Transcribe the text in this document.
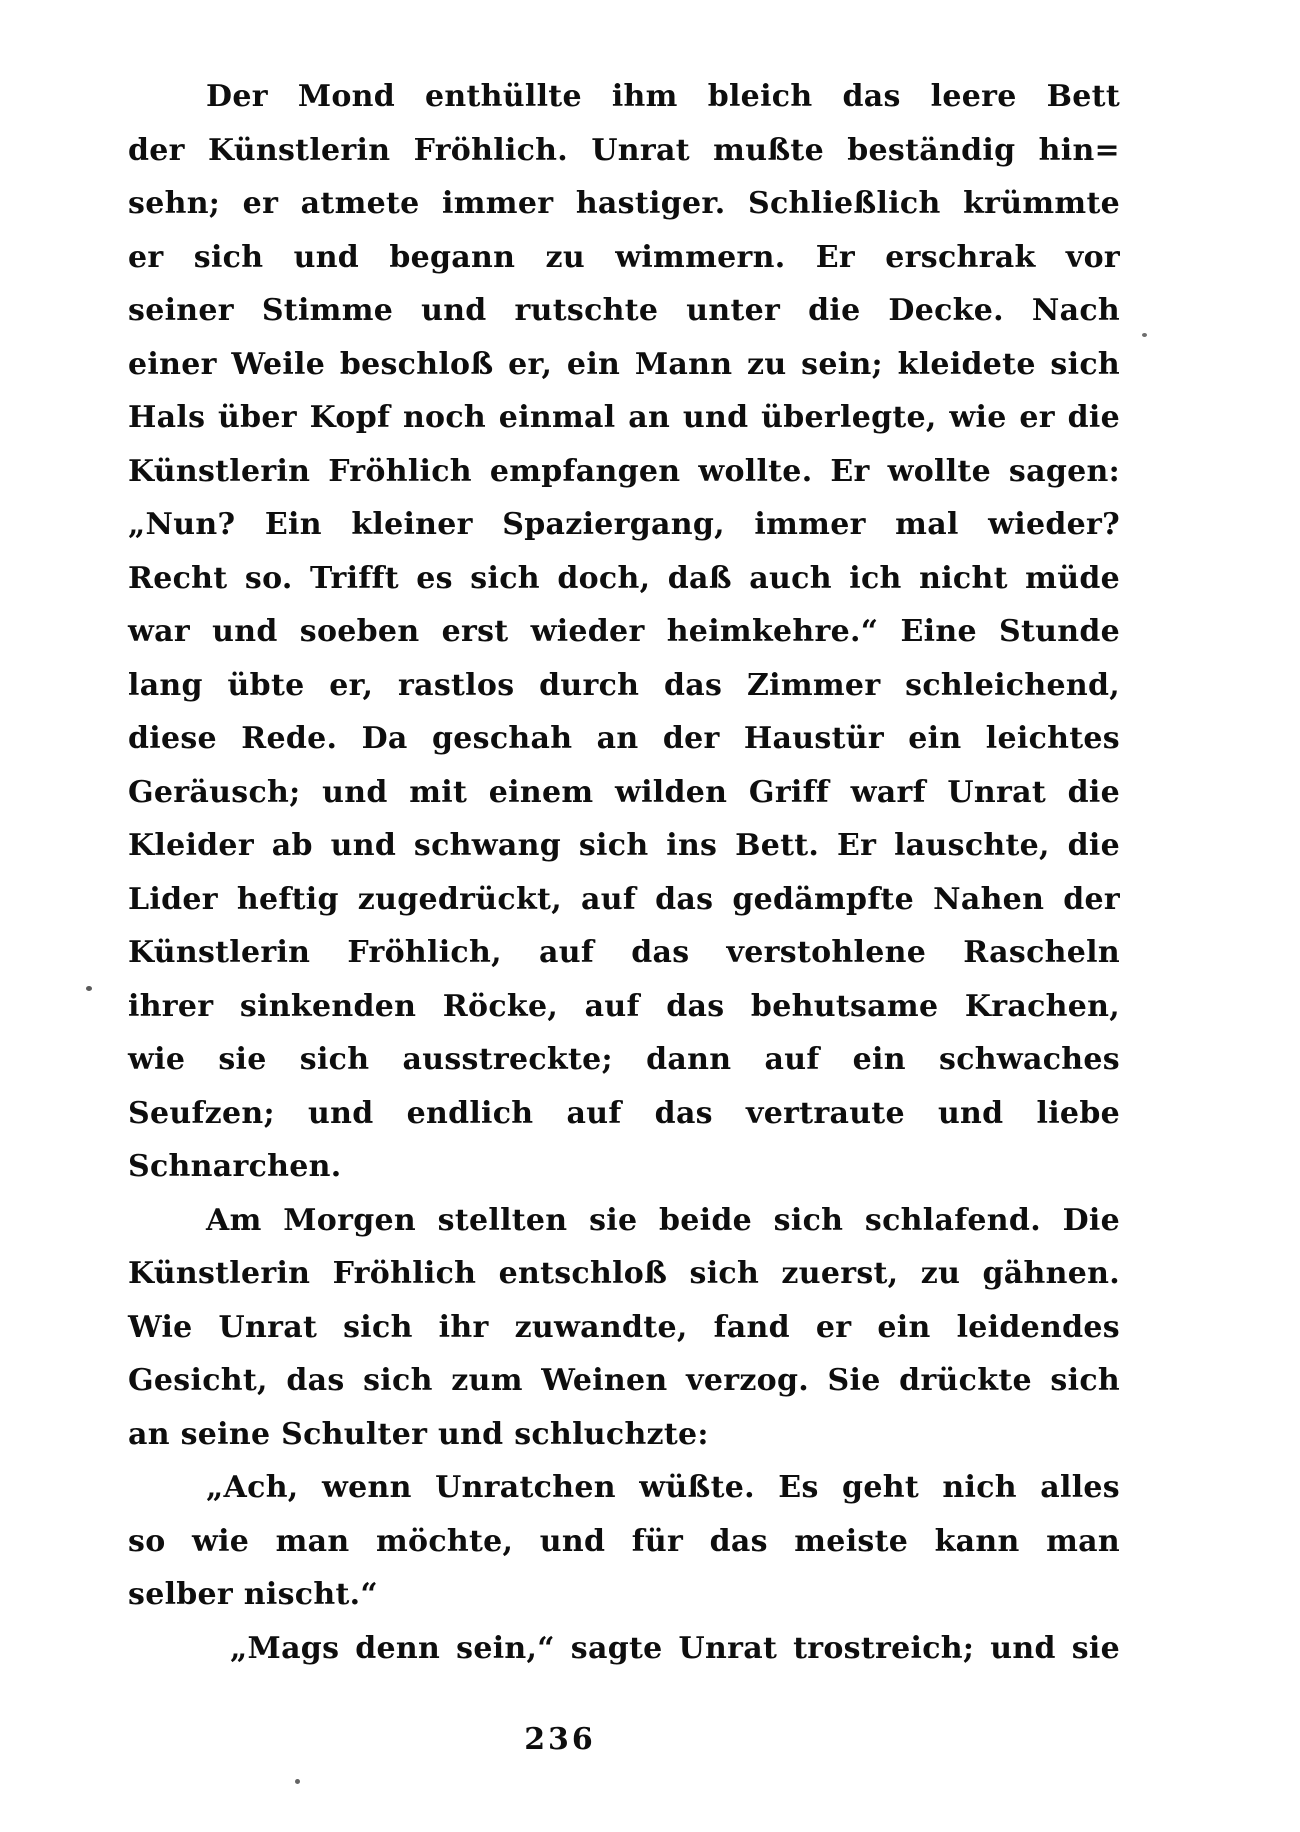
Der Mond enthüllte ihm bleich das leere Bett
der Künstlerin Fröhlich. Unrat mußte beständig hin=
sehn; er atmete immer hastiger. Schließlich krümmte
er sich und begann zu wimmern. Er erschrak vor
seiner Stimme und rutschte unter die Decke. Nach
einer Weile beschloß er, ein Mann zu sein; kleidete sich
Hals über Kopf noch einmal an und überlegte, wie er die
Künstlerin Fröhlich empfangen wollte. Er wollte sagen:
„Nun? Ein kleiner Spaziergang, immer mal wieder?
Recht so. Trifft es sich doch, daß auch ich nicht müde
war und soeben erst wieder heimkehre.“ Eine Stunde
lang übte er, rastlos durch das Zimmer schleichend,
diese Rede. Da geschah an der Haustür ein leichtes
Geräusch; und mit einem wilden Griff warf Unrat die
Kleider ab und schwang sich ins Bett. Er lauschte, die
Lider heftig zugedrückt, auf das gedämpfte Nahen der
Künstlerin Fröhlich, auf das verstohlene Rascheln
ihrer sinkenden Röcke, auf das behutsame Krachen,
wie sie sich ausstreckte; dann auf ein schwaches
Seufzen; und endlich auf das vertraute und liebe
Schnarchen.
Am Morgen stellten sie beide sich schlafend. Die
Künstlerin Fröhlich entschloß sich zuerst, zu gähnen.
Wie Unrat sich ihr zuwandte, fand er ein leidendes
Gesicht, das sich zum Weinen verzog. Sie drückte sich
an seine Schulter und schluchzte:
„Ach, wenn Unratchen wüßte. Es geht nich alles
so wie man möchte, und für das meiste kann man
selber nischt.“
„Mags denn sein,“ sagte Unrat trostreich; und sie
236
